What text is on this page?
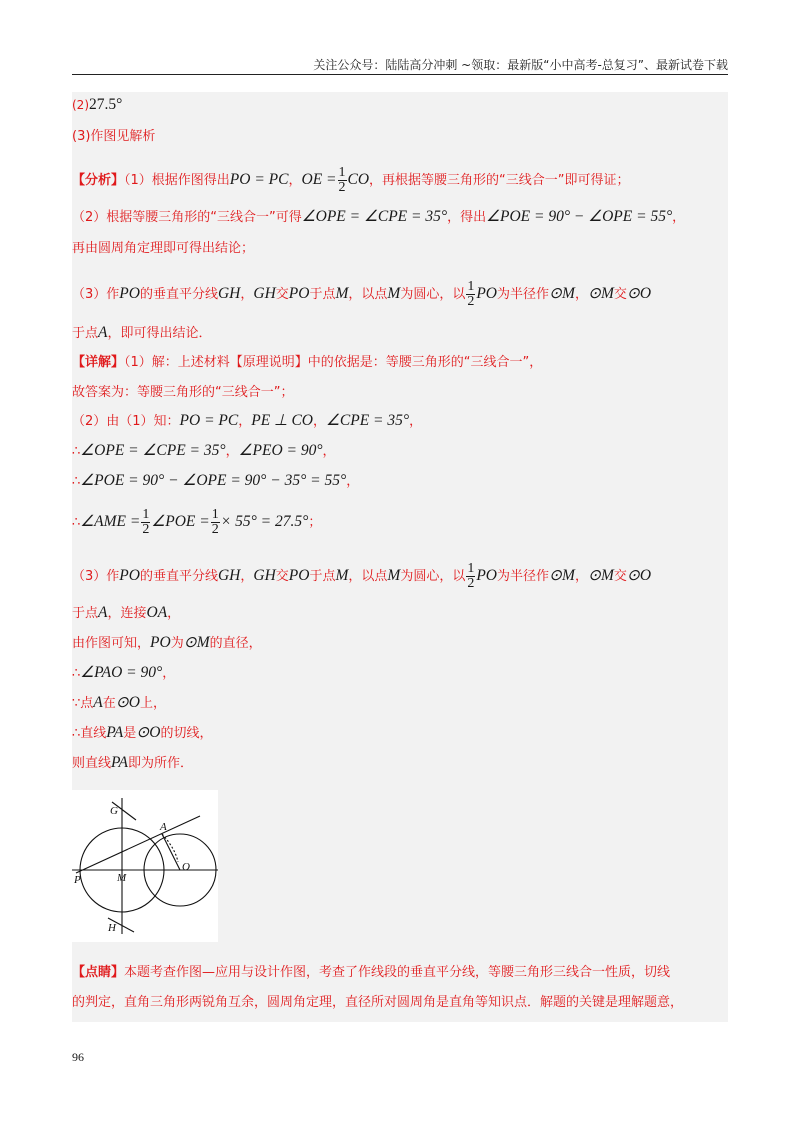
关注公众号：陆陆高分冲刺 ~领取：最新版“小中高考-总复习”、最新试卷下载
(2)27.5°
(3)作图见解析
【分析】（1）根据作图得出PO = PC，OE = $\frac{1}{2}$ CO，再根据等腰三角形的“三线合一”即可得证；
（2）根据等腰三角形的“三线合一”可得∠OPE = ∠CPE = 35°，得出∠POE = 90° − ∠OPE = 55°，
再由圆周角定理即可得出结论；
（3）作PO的垂直平分线GH，GH交PO于点M，以点M为圆心，以 $\frac{1}{2}$ PO为半径作⊙M，⊙M交⊙O
于点A，即可得出结论．
【详解】（1）解：上述材料【原理说明】中的依据是：等腰三角形的“三线合一”，
故答案为：等腰三角形的“三线合一”；
（2）由（1）知：PO = PC，PE ⊥ CO，∠CPE = 35°，
∴∠OPE = ∠CPE = 35°，∠PEO = 90°，
∴∠POE = 90° − ∠OPE = 90° − 35° = 55°，
∴∠AME = $\frac{1}{2}$ ∠POE = $\frac{1}{2} \times 55^\circ = 27.5^\circ$；
（3）作PO的垂直平分线GH，GH交PO于点M，以点M为圆心，以 $\frac{1}{2}$ PO为半径作⊙M，⊙M交⊙O
于点A，连接OA，
由作图可知，PO为⊙M的直径，
∴∠PAO = 90°，
∵点A在⊙O上，
∴直线PA是⊙O的切线，
则直线PA即为所作．
G
A
O
P	M
H
【点睛】本题考查作图—应用与设计作图，考查了作线段的垂直平分线，等腰三角形三线合一性质，切线
的判定，直角三角形两锐角互余，圆周角定理，直径所对圆周角是直角等知识点．解题的关键是理解题意，
96
